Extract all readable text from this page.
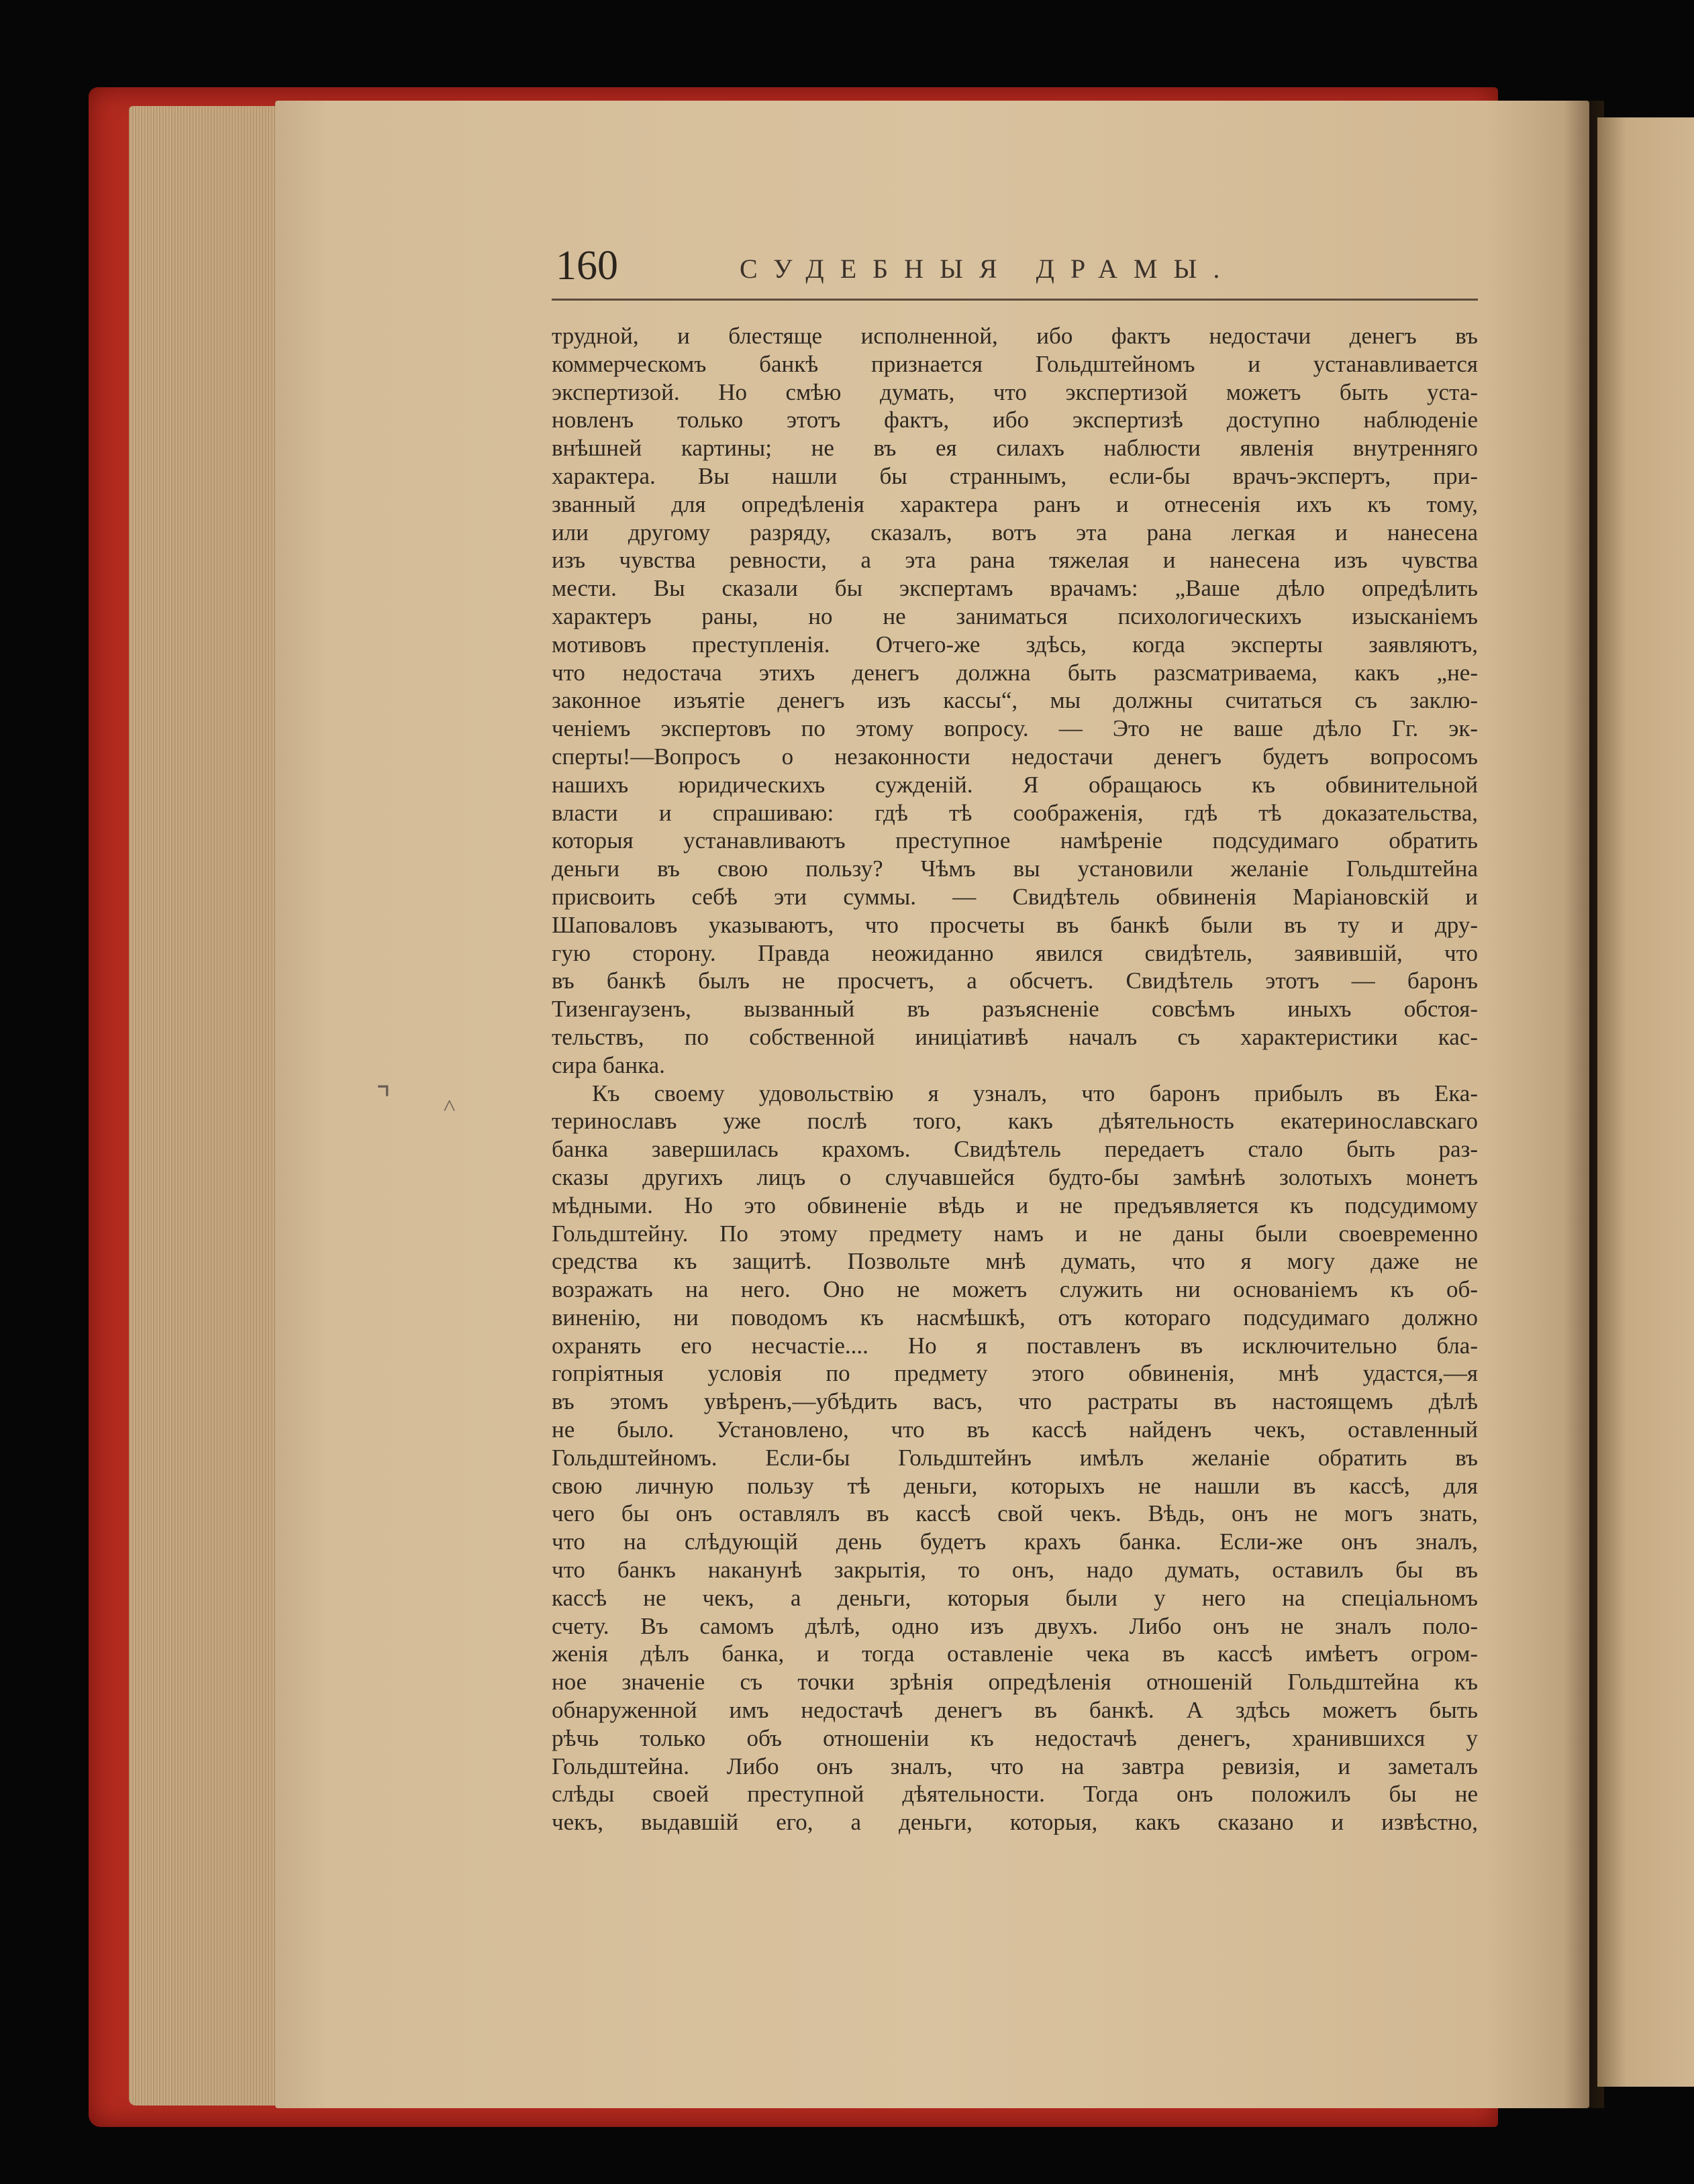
160	СУДЕБНЫЯ ДРАМЫ.
трудной, и блестяще исполненной, ибо фактъ недостачи денегъ въ
коммерческомъ банкѣ признается Гольдштейномъ и устанавливается
экспертизой. Но смѣю думать, что экспертизой можетъ быть уста-
новленъ только этотъ фактъ, ибо экспертизѣ доступно наблюденіе
внѣшней картины; не въ ея силахъ наблюсти явленія внутренняго
характера. Вы нашли бы страннымъ, если-бы врачъ-экспертъ, при-
званный для опредѣленія характера ранъ и отнесенія ихъ къ тому,
или другому разряду, сказалъ, вотъ эта рана легкая и нанесена
изъ чувства ревности, а эта рана тяжелая и нанесена изъ чувства
мести. Вы сказали бы экспертамъ врачамъ: „Ваше дѣло опредѣлить
характеръ раны, но не заниматься психологическихъ изысканіемъ
мотивовъ преступленія. Отчего-же здѣсь, когда эксперты заявляютъ,
что недостача этихъ денегъ должна быть разсматриваема, какъ „не-
законное изъятіе денегъ изъ кассы“, мы должны считаться съ заклю-
ченіемъ экспертовъ по этому вопросу. — Это не ваше дѣло Гг. эк-
сперты!—Вопросъ о незаконности недостачи денегъ будетъ вопросомъ
нашихъ юридическихъ сужденій. Я обращаюсь къ обвинительной
власти и спрашиваю: гдѣ тѣ соображенія, гдѣ тѣ доказательства,
которыя устанавливаютъ преступное намѣреніе подсудимаго обратить
деньги въ свою пользу? Чѣмъ вы установили желаніе Гольдштейна
присвоить себѣ эти суммы. — Свидѣтель обвиненія Маріановскій и
Шаповаловъ указываютъ, что просчеты въ банкѣ были въ ту и дру-
гую сторону. Правда неожиданно явился свидѣтель, заявившій, что
въ банкѣ былъ не просчетъ, а обсчетъ. Свидѣтель этотъ — баронъ
Тизенгаузенъ, вызванный въ разъясненіе совсѣмъ иныхъ обстоя-
тельствъ, по собственной иниціативѣ началъ съ характеристики кас-
сира банка.
Къ своему удовольствію я узналъ, что баронъ прибылъ въ Ека-
теринославъ уже послѣ того, какъ дѣятельность екатеринославскаго
банка завершилась крахомъ. Свидѣтель передаетъ стало быть раз-
сказы другихъ лицъ о случавшейся будто-бы замѣнѣ золотыхъ монетъ
мѣдными. Но это обвиненіе вѣдь и не предъявляется къ подсудимому
Гольдштейну. По этому предмету намъ и не даны были своевременно
средства къ защитѣ. Позвольте мнѣ думать, что я могу даже не
возражать на него. Оно не можетъ служить ни основаніемъ къ об-
виненію, ни поводомъ къ насмѣшкѣ, отъ котораго подсудимаго должно
охранять его несчастіе.... Но я поставленъ въ исключительно бла-
гопріятныя условія по предмету этого обвиненія, мнѣ удастся,—я
въ этомъ увѣренъ,—убѣдить васъ, что растраты въ настоящемъ дѣлѣ
не было. Установлено, что въ кассѣ найденъ чекъ, оставленный
Гольдштейномъ. Если-бы Гольдштейнъ имѣлъ желаніе обратить въ
свою личную пользу тѣ деньги, которыхъ не нашли въ кассѣ, для
чего бы онъ оставлялъ въ кассѣ свой чекъ. Вѣдь, онъ не могъ знать,
что на слѣдующій день будетъ крахъ банка. Если-же онъ зналъ,
что банкъ наканунѣ закрытія, то онъ, надо думать, оставилъ бы въ
кассѣ не чекъ, а деньги, которыя были у него на спеціальномъ
счету. Въ самомъ дѣлѣ, одно изъ двухъ. Либо онъ не зналъ поло-
женія дѣлъ банка, и тогда оставленіе чека въ кассѣ имѣетъ огром-
ное значеніе съ точки зрѣнія опредѣленія отношеній Гольдштейна къ
обнаруженной имъ недостачѣ денегъ въ банкѣ. А здѣсь можетъ быть
рѣчь только объ отношеніи къ недостачѣ денегъ, хранившихся у
Гольдштейна. Либо онъ зналъ, что на завтра ревизія, и заметалъ
слѣды своей преступной дѣятельности. Тогда онъ положилъ бы не
чекъ, выдавшій его, а деньги, которыя, какъ сказано и извѣстно,
⌝ ˄
